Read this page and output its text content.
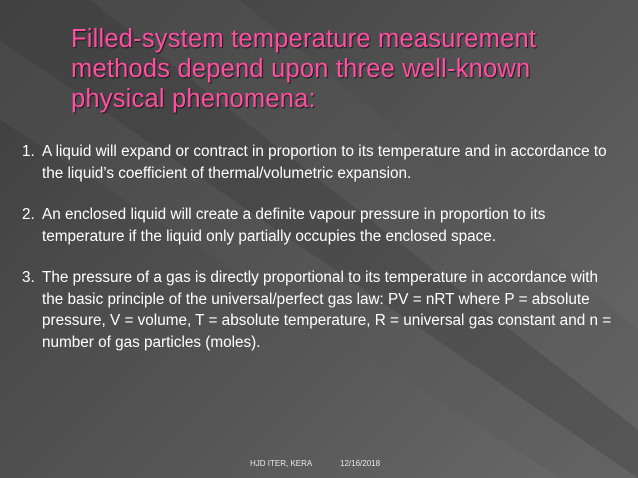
Filled-system temperature measurement
methods depend upon three well-known
physical phenomena:
1. A liquid will expand or contract in proportion to its temperature and in accordance to the liquid’s coefficient of thermal/volumetric expansion.
2. An enclosed liquid will create a definite vapour pressure in proportion to its temperature if the liquid only partially occupies the enclosed space.
3. The pressure of a gas is directly proportional to its temperature in accordance with the basic principle of the universal/perfect gas law: PV = nRT where P = absolute pressure, V = volume, T = absolute temperature, R = universal gas constant and n = number of gas particles (moles).
HJD ITER, KERA	12/16/2018
